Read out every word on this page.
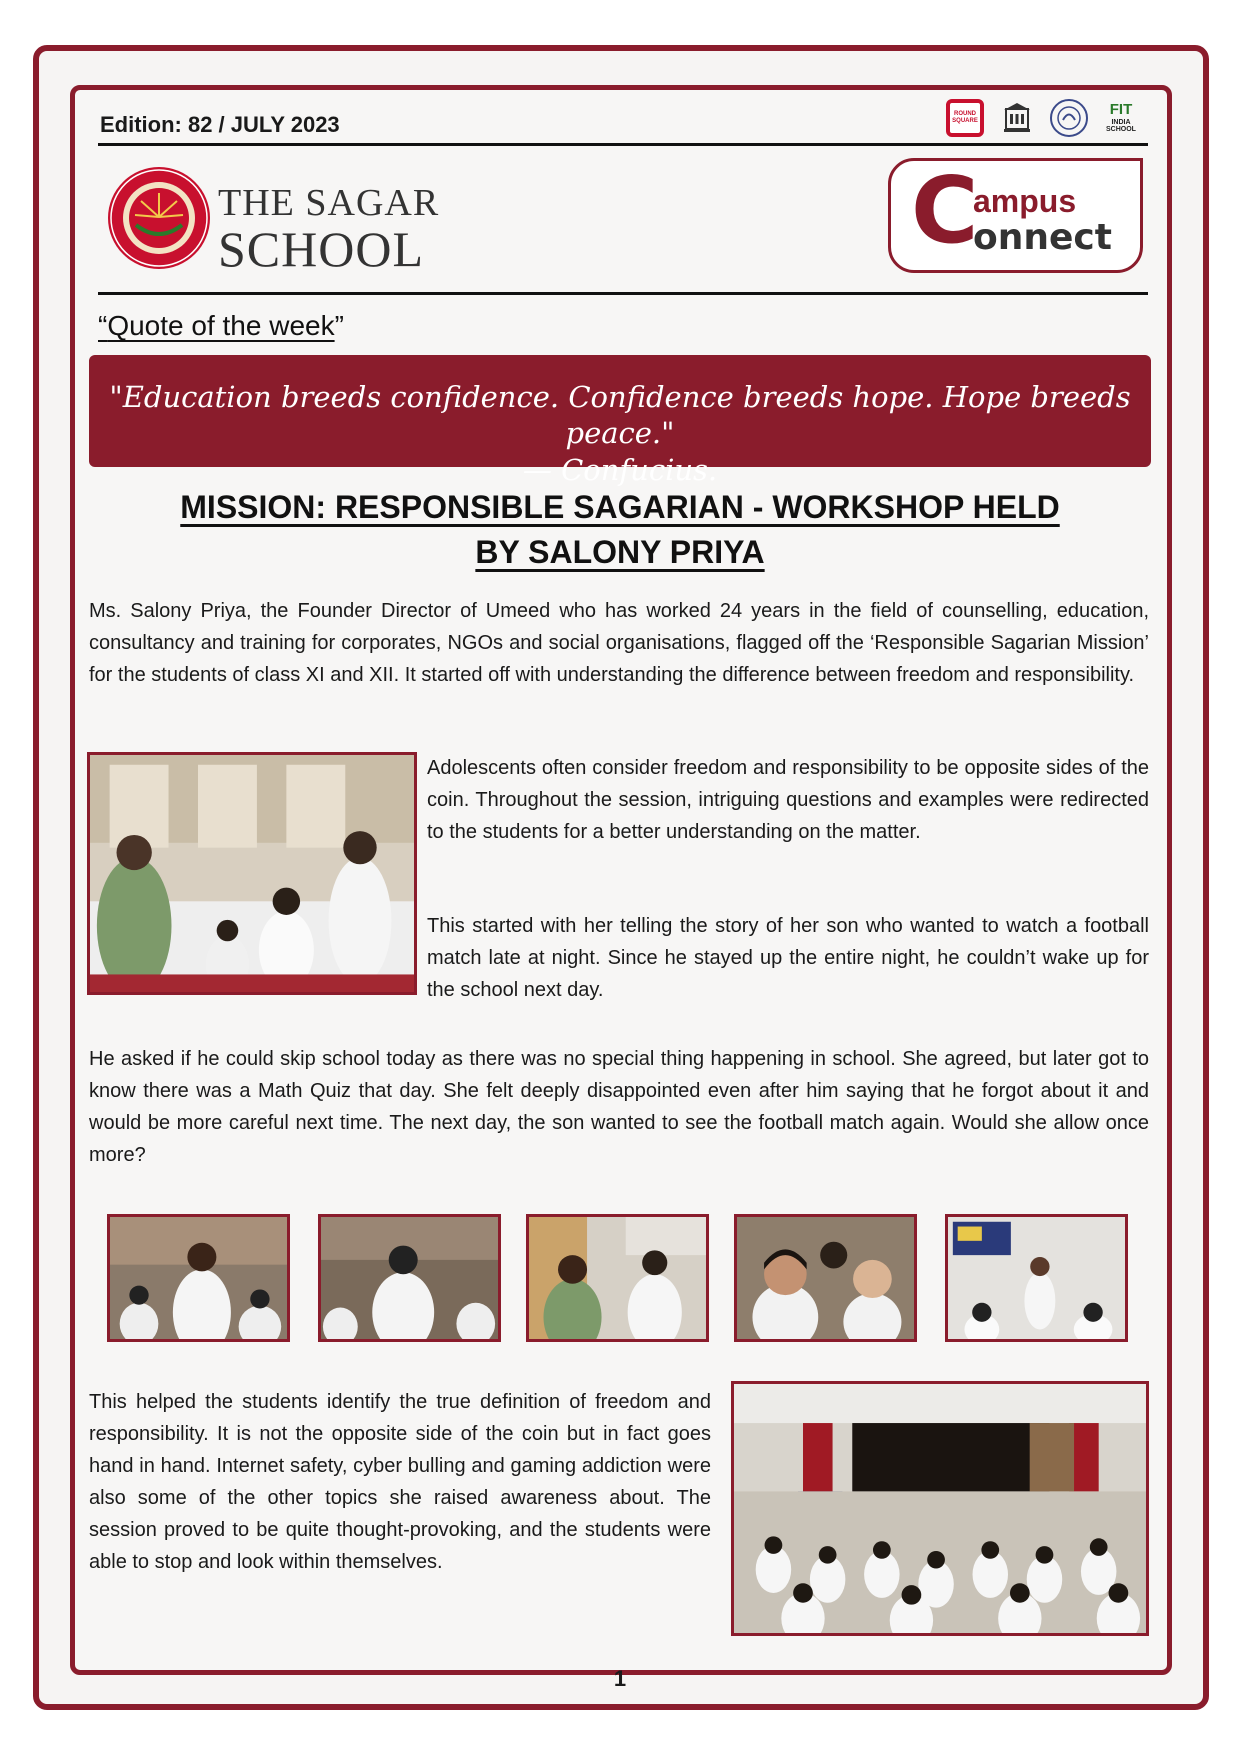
Edition: 82 / JULY 2023	ROUND SQUARE
FIT
INDIA
SCHOOL
THE SAGAR
SCHOOL	C
ampus
onnect
“Quote of the week”
"Education breeds confidence. Confidence breeds hope. Hope breeds peace."
— Confucius.
MISSION: RESPONSIBLE SAGARIAN - WORKSHOP HELD
BY SALONY PRIYA

Ms. Salony Priya, the Founder Director of Umeed who has worked 24 years in the field of counselling, education, consultancy and training for corporates, NGOs and social organisations, flagged off the ‘Responsible Sagarian Mission’ for the students of class XI and XII. It started off with understanding the difference between freedom and responsibility.

Adolescents often consider freedom and responsibility to be opposite sides of the coin. Throughout the session, intriguing questions and examples were redirected to the students for a better understanding on the matter.

This started with her telling the story of her son who wanted to watch a football match late at night. Since he stayed up the entire night, he couldn’t wake up for the school next day.

He asked if he could skip school today as there was no special thing happening in school. She agreed, but later got to know there was a Math Quiz that day. She felt deeply disappointed even after him saying that he forgot about it and would be more careful next time. The next day, the son wanted to see the football match again. Would she allow once more?

This helped the students identify the true definition of freedom and responsibility. It is not the opposite side of the coin but in fact goes hand in hand. Internet safety, cyber bulling and gaming addiction were also some of the other topics she raised awareness about. The session proved to be quite thought-provoking, and the students were able to stop and look within themselves.

1
